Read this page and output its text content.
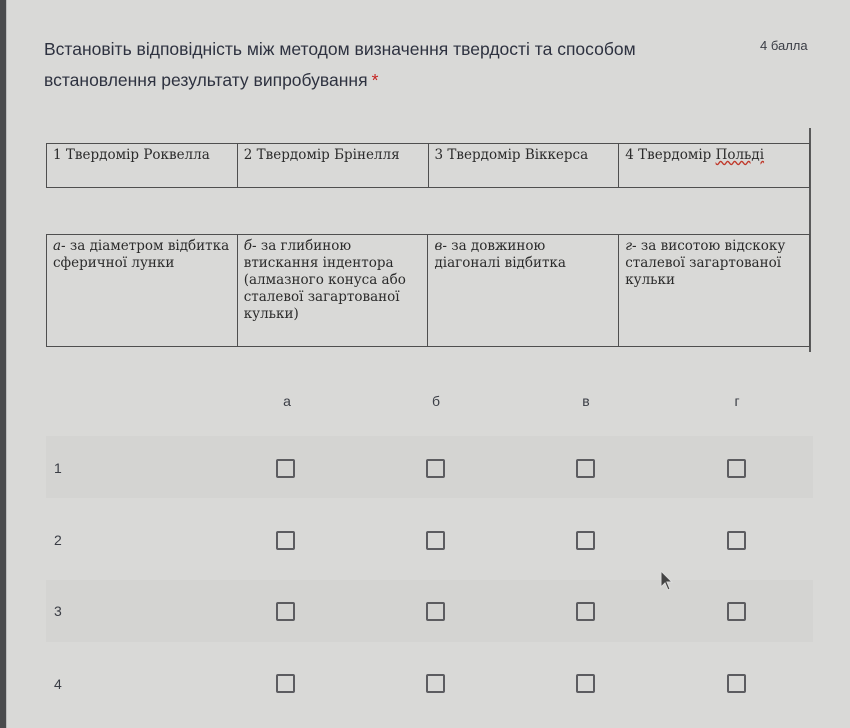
Встановіть відповідність між методом визначення твердості та способом встановлення результату випробування *
4 балла
1 Твердомір Роквелла	2 Твердомір Брінелля	3 Твердомір Віккерса	4 Твердомір Польді
а- за діаметром відбитка сферичної лунки	б- за глибиною втискання індентора (алмазного конуса або сталевої загартованої кульки)	в- за довжиною діагоналі відбитка	г- за висотою відскоку сталевої загартованої кульки
а	б	в	г
1
2
3
4
